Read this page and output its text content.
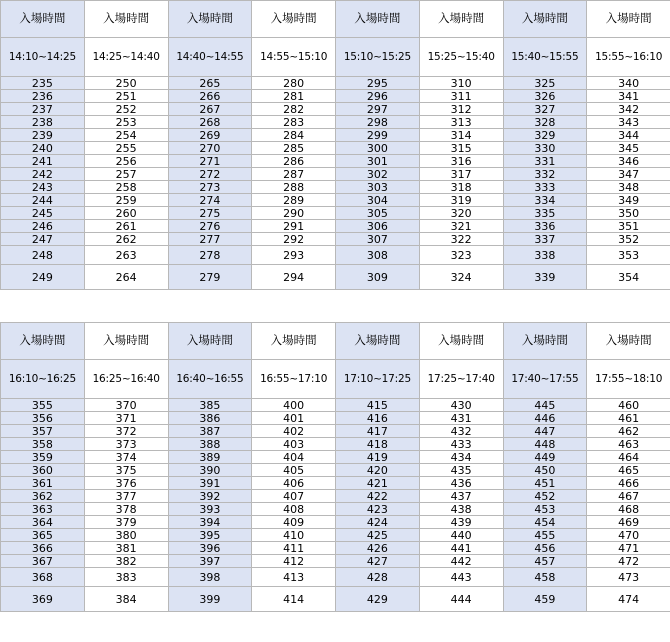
入場時間	入場時間	入場時間	入場時間	入場時間	入場時間	入場時間	入場時間
14:10~14:25	14:25~14:40	14:40~14:55	14:55~15:10	15:10~15:25	15:25~15:40	15:40~15:55	15:55~16:10
235	250	265	280	295	310	325	340
236	251	266	281	296	311	326	341
237	252	267	282	297	312	327	342
238	253	268	283	298	313	328	343
239	254	269	284	299	314	329	344
240	255	270	285	300	315	330	345
241	256	271	286	301	316	331	346
242	257	272	287	302	317	332	347
243	258	273	288	303	318	333	348
244	259	274	289	304	319	334	349
245	260	275	290	305	320	335	350
246	261	276	291	306	321	336	351
247	262	277	292	307	322	337	352
248	263	278	293	308	323	338	353
249	264	279	294	309	324	339	354
入場時間	入場時間	入場時間	入場時間	入場時間	入場時間	入場時間	入場時間
16:10~16:25	16:25~16:40	16:40~16:55	16:55~17:10	17:10~17:25	17:25~17:40	17:40~17:55	17:55~18:10
355	370	385	400	415	430	445	460
356	371	386	401	416	431	446	461
357	372	387	402	417	432	447	462
358	373	388	403	418	433	448	463
359	374	389	404	419	434	449	464
360	375	390	405	420	435	450	465
361	376	391	406	421	436	451	466
362	377	392	407	422	437	452	467
363	378	393	408	423	438	453	468
364	379	394	409	424	439	454	469
365	380	395	410	425	440	455	470
366	381	396	411	426	441	456	471
367	382	397	412	427	442	457	472
368	383	398	413	428	443	458	473
369	384	399	414	429	444	459	474
